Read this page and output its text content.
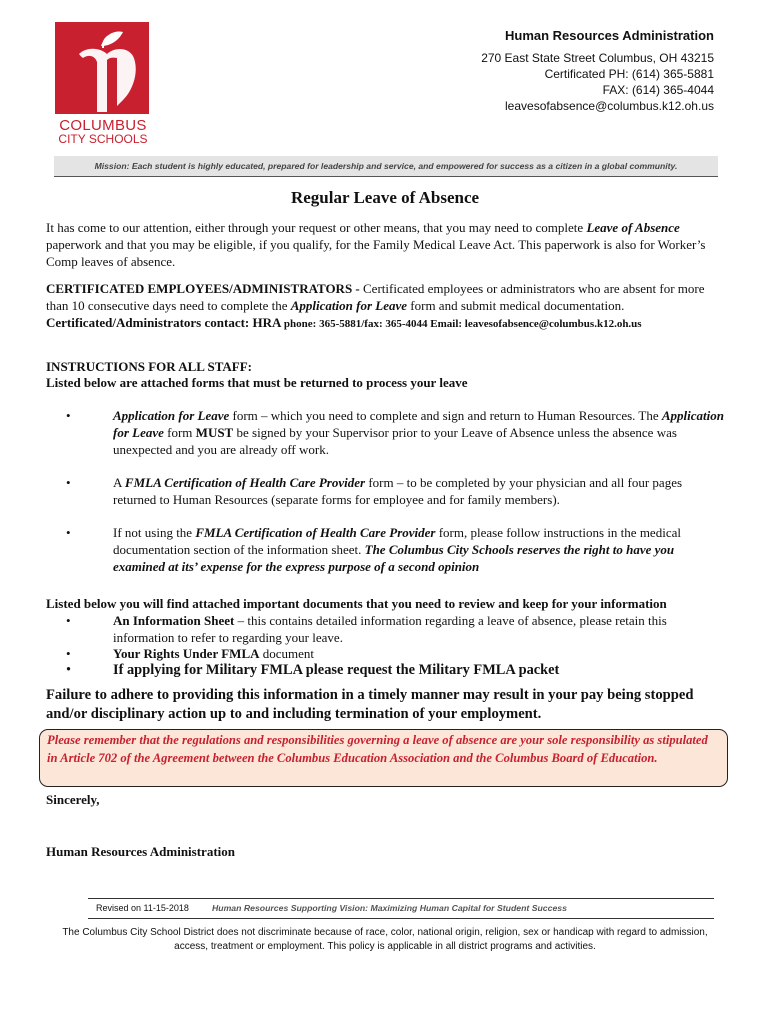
COLUMBUS
CITY SCHOOLS
Human Resources Administration
270 East State Street Columbus, OH 43215
Certificated PH: (614) 365-5881
FAX: (614) 365-4044
leavesofabsence@columbus.k12.oh.us
Mission: Each student is highly educated, prepared for leadership and service, and empowered for success as a citizen in a global community.
Regular Leave of Absence
It has come to our attention, either through your request or other means, that you may need to complete Leave of Absence paperwork and that you may be eligible, if you qualify, for the Family Medical Leave Act. This paperwork is also for Worker’s Comp leaves of absence.
CERTIFICATED EMPLOYEES/ADMINISTRATORS - Certificated employees or administrators who are absent for more than 10 consecutive days need to complete the Application for Leave form and submit medical documentation.
Certificated/Administrators contact: HRA phone: 365-5881/fax: 365-4044 Email: leavesofabsence@columbus.k12.oh.us
INSTRUCTIONS FOR ALL STAFF:
Listed below are attached forms that must be returned to process your leave
•	Application for Leave form – which you need to complete and sign and return to Human Resources. The Application for Leave form MUST be signed by your Supervisor prior to your Leave of Absence unless the absence was unexpected and you are already off work.
•	A FMLA Certification of Health Care Provider form – to be completed by your physician and all four pages returned to Human Resources (separate forms for employee and for family members).
•	If not using the FMLA Certification of Health Care Provider form, please follow instructions in the medical documentation section of the information sheet. The Columbus City Schools reserves the right to have you examined at its’ expense for the express purpose of a second opinion
Listed below you will find attached important documents that you need to review and keep for your information
•	An Information Sheet – this contains detailed information regarding a leave of absence, please retain this information to refer to regarding your leave.
•	Your Rights Under FMLA document
•	If applying for Military FMLA please request the Military FMLA packet
Failure to adhere to providing this information in a timely manner may result in your pay being stopped and/or disciplinary action up to and including termination of your employment.
Please remember that the regulations and responsibilities governing a leave of absence are your sole responsibility as stipulated in Article 702 of the Agreement between the Columbus Education Association and the Columbus Board of Education.
Sincerely,
Human Resources Administration
Revised on 11-15-2018	Human Resources Supporting Vision: Maximizing Human Capital for Student Success
The Columbus City School District does not discriminate because of race, color, national origin, religion, sex or handicap with regard to admission, access, treatment or employment. This policy is applicable in all district programs and activities.
